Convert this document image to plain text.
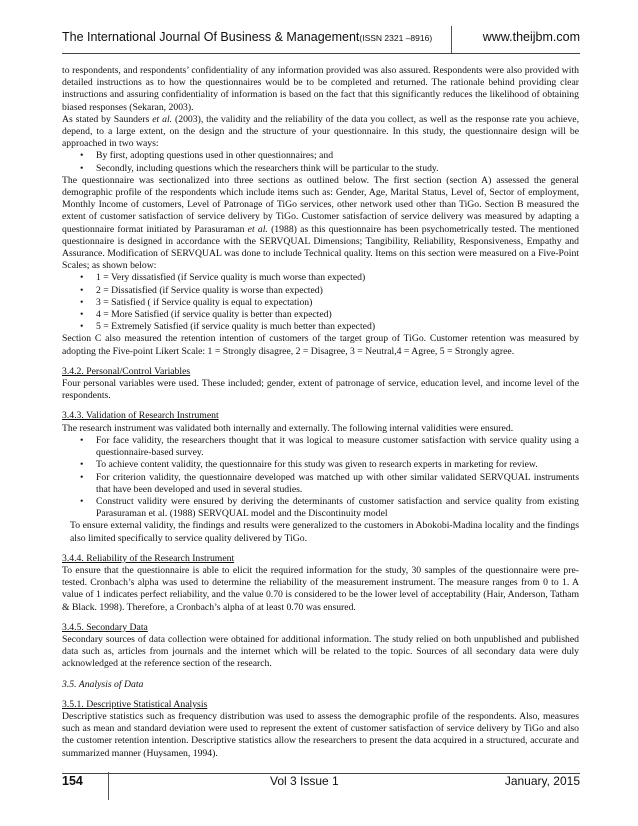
The International Journal Of Business & Management(ISSN 2321 –8916)	www.theijbm.com

to respondents, and respondents’ confidentiality of any information provided was also assured. Respondents were also provided with detailed instructions as to how the questionnaires would be to be completed and returned. The rationale behind providing clear instructions and assuring confidentiality of information is based on the fact that this significantly reduces the likelihood of obtaining biased responses (Sekaran, 2003).

As stated by Saunders et al. (2003), the validity and the reliability of the data you collect, as well as the response rate you achieve, depend, to a large extent, on the design and the structure of your questionnaire. In this study, the questionnaire design will be approached in two ways:

• By first, adopting questions used in other questionnaires; and
• Secondly, including questions which the researchers think will be particular to the study.

The questionnaire was sectionalized into three sections as outlined below. The first section (section A) assessed the general demographic profile of the respondents which include items such as: Gender, Age, Marital Status, Level of, Sector of employment, Monthly Income of customers, Level of Patronage of TiGo services, other network used other than TiGo. Section B measured the extent of customer satisfaction of service delivery by TiGo. Customer satisfaction of service delivery was measured by adapting a questionnaire format initiated by Parasuraman et al. (1988) as this questionnaire has been psychometrically tested. The mentioned questionnaire is designed in accordance with the SERVQUAL Dimensions; Tangibility, Reliability, Responsiveness, Empathy and Assurance. Modification of SERVQUAL was done to include Technical quality. Items on this section were measured on a Five-Point Scales; as shown below:

• 1 = Very dissatisfied (if Service quality is much worse than expected)
• 2 = Dissatisfied (if Service quality is worse than expected)
• 3 = Satisfied ( if Service quality is equal to expectation)
• 4 = More Satisfied (if service quality is better than expected)
• 5 = Extremely Satisfied (if service quality is much better than expected)

Section C also measured the retention intention of customers of the target group of TiGo. Customer retention was measured by adopting the Five-point Likert Scale: 1 = Strongly disagree, 2 = Disagree, 3 = Neutral,4 = Agree, 5 = Strongly agree.

3.4.2. Personal/Control Variables

Four personal variables were used. These included; gender, extent of patronage of service, education level, and income level of the respondents.

3.4.3. Validation of Research Instrument

The research instrument was validated both internally and externally. The following internal validities were ensured.

• For face validity, the researchers thought that it was logical to measure customer satisfaction with service quality using a questionnaire-based survey.
• To achieve content validity, the questionnaire for this study was given to research experts in marketing for review.
• For criterion validity, the questionnaire developed was matched up with other similar validated SERVQUAL instruments that have been developed and used in several studies.
• Construct validity were ensured by deriving the determinants of customer satisfaction and service quality from existing Parasuraman et al. (1988) SERVQUAL model and the Discontinuity model

To ensure external validity, the findings and results were generalized to the customers in Abokobi-Madina locality and the findings also limited specifically to service quality delivered by TiGo.

3.4.4. Reliability of the Research Instrument

To ensure that the questionnaire is able to elicit the required information for the study, 30 samples of the questionnaire were pre-tested. Cronbach’s alpha was used to determine the reliability of the measurement instrument. The measure ranges from 0 to 1. A value of 1 indicates perfect reliability, and the value 0.70 is considered to be the lower level of acceptability (Hair, Anderson, Tatham & Black. 1998). Therefore, a Cronbach’s alpha of at least 0.70 was ensured.

3.4.5. Secondary Data

Secondary sources of data collection were obtained for additional information. The study relied on both unpublished and published data such as, articles from journals and the internet which will be related to the topic. Sources of all secondary data were duly acknowledged at the reference section of the research.

3.5. Analysis of Data

3.5.1. Descriptive Statistical Analysis

Descriptive statistics such as frequency distribution was used to assess the demographic profile of the respondents. Also, measures such as mean and standard deviation were used to represent the extent of customer satisfaction of service delivery by TiGo and also the customer retention intention. Descriptive statistics allow the researchers to present the data acquired in a structured, accurate and summarized manner (Huysamen, 1994).

154	Vol 3 Issue 1	January, 2015
